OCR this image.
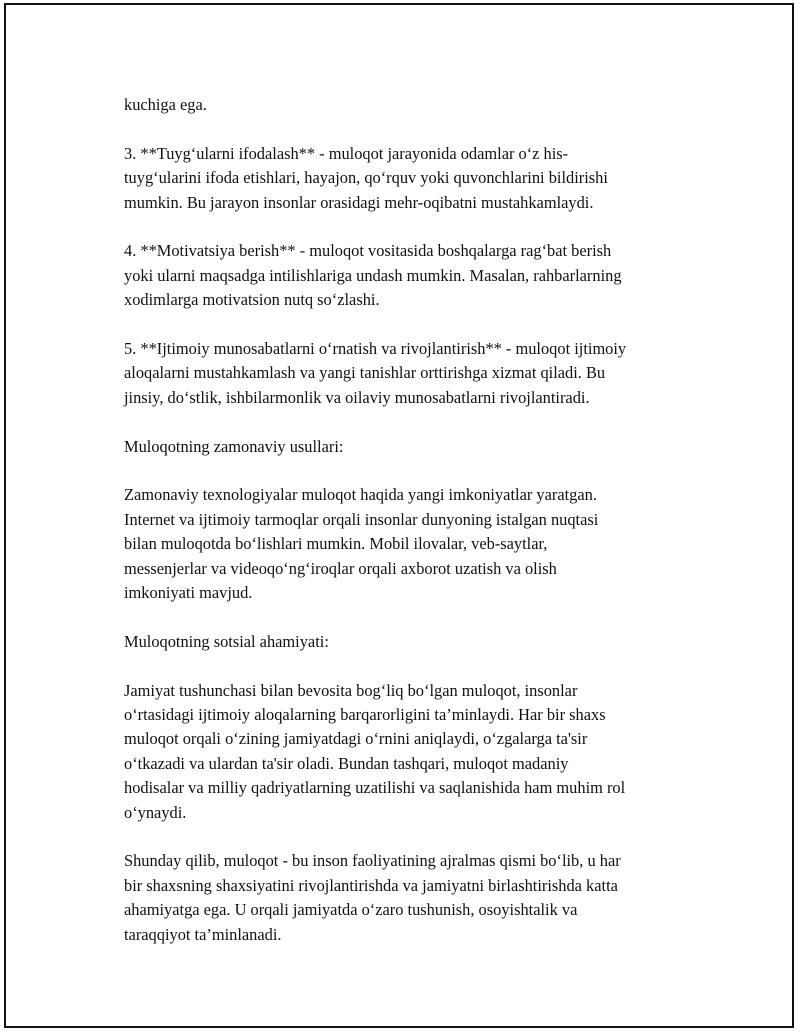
kuchiga ega.

3. **Tuyg‘ularni ifodalash** - muloqot jarayonida odamlar o‘z his-
tuyg‘ularini ifoda etishlari, hayajon, qo‘rquv yoki quvonchlarini bildirishi
mumkin. Bu jarayon insonlar orasidagi mehr-oqibatni mustahkamlaydi.

4. **Motivatsiya berish** - muloqot vositasida boshqalarga rag‘bat berish
yoki ularni maqsadga intilishlariga undash mumkin. Masalan, rahbarlarning
xodimlarga motivatsion nutq so‘zlashi.

5. **Ijtimoiy munosabatlarni o‘rnatish va rivojlantirish** - muloqot ijtimoiy
aloqalarni mustahkamlash va yangi tanishlar orttirishga xizmat qiladi. Bu
jinsiy, do‘stlik, ishbilarmonlik va oilaviy munosabatlarni rivojlantiradi.

Muloqotning zamonaviy usullari:

Zamonaviy texnologiyalar muloqot haqida yangi imkoniyatlar yaratgan.
Internet va ijtimoiy tarmoqlar orqali insonlar dunyoning istalgan nuqtasi
bilan muloqotda bo‘lishlari mumkin. Mobil ilovalar, veb-saytlar,
messenjerlar va videoqo‘ng‘iroqlar orqali axborot uzatish va olish
imkoniyati mavjud.

Muloqotning sotsial ahamiyati:

Jamiyat tushunchasi bilan bevosita bog‘liq bo‘lgan muloqot, insonlar
o‘rtasidagi ijtimoiy aloqalarning barqarorligini ta’minlaydi. Har bir shaxs
muloqot orqali o‘zining jamiyatdagi o‘rnini aniqlaydi, o‘zgalarga ta'sir
o‘tkazadi va ulardan ta'sir oladi. Bundan tashqari, muloqot madaniy
hodisalar va milliy qadriyatlarning uzatilishi va saqlanishida ham muhim rol
o‘ynaydi.

Shunday qilib, muloqot - bu inson faoliyatining ajralmas qismi bo‘lib, u har
bir shaxsning shaxsiyatini rivojlantirishda va jamiyatni birlashtirishda katta
ahamiyatga ega. U orqali jamiyatda o‘zaro tushunish, osoyishtalik va
taraqqiyot ta’minlanadi.
